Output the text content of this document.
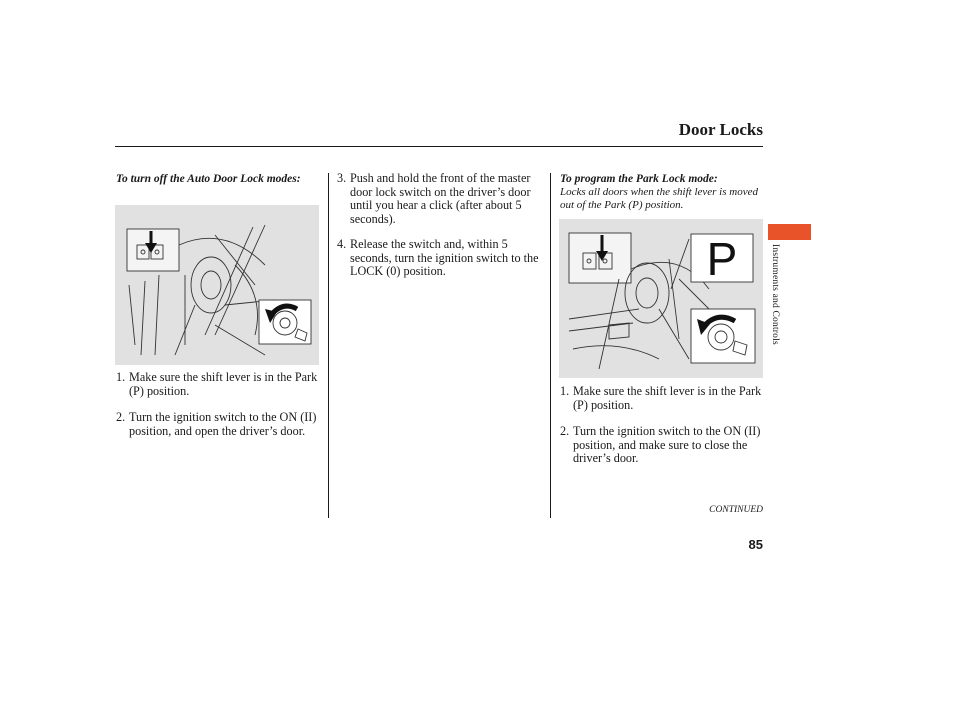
Door Locks
To turn off the Auto Door Lock modes:
1. Make sure the shift lever is in the Park (P) position.
2. Turn the ignition switch to the ON (II) position, and open the driver’s door.
3. Push and hold the front of the master door lock switch on the driver’s door until you hear a click (after about 5 seconds).
4. Release the switch and, within 5 seconds, turn the ignition switch to the LOCK (0) position.
To program the Park Lock mode:
Locks all doors when the shift lever is moved out of the Park (P) position.
P
1. Make sure the shift lever is in the Park (P) position.
2. Turn the ignition switch to the ON (II) position, and make sure to close the driver’s door.
Instruments and Controls
CONTINUED
85
